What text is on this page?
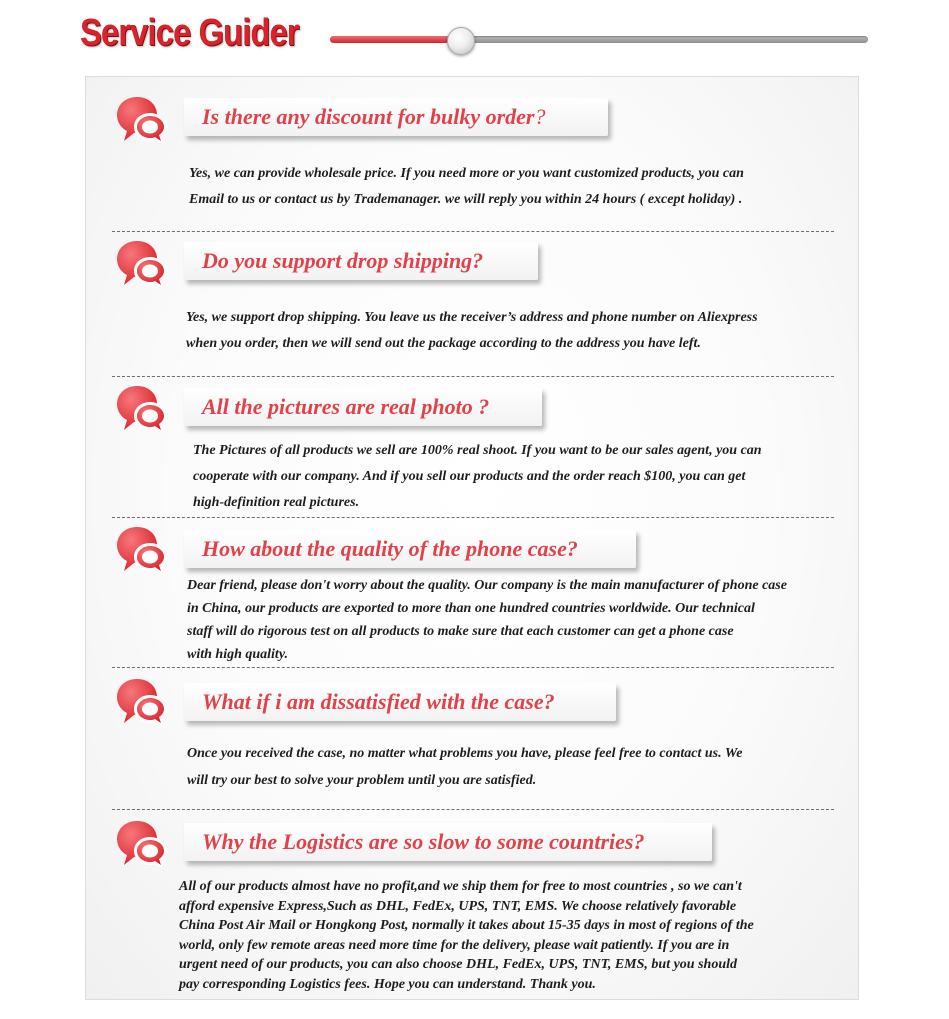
Service Guider
Is there any discount for bulky order?
Yes, we can provide wholesale price. If you need more or you want customized products, you can
Email to us or contact us by Trademanager. we will reply you within 24 hours ( except holiday) .
Do you support drop shipping?
Yes, we support drop shipping. You leave us the receiver’s address and phone number on Aliexpress
when you order, then we will send out the package according to the address you have left.
All the pictures are real photo ?
The Pictures of all products we sell are 100% real shoot. If you want to be our sales agent, you can
cooperate with our company. And if you sell our products and the order reach $100, you can get
high-definition real pictures.
How about the quality of the phone case?
Dear friend, please don't worry about the quality. Our company is the main manufacturer of phone case
in China, our products are exported to more than one hundred countries worldwide. Our technical
staff will do rigorous test on all products to make sure that each customer can get a phone case
with high quality.
What if i am dissatisfied with the case?
Once you received the case, no matter what problems you have, please feel free to contact us. We
will try our best to solve your problem until you are satisfied.
Why the Logistics are so slow to some countries?
All of our products almost have no profit,and we ship them for free to most countries , so we can't
afford expensive Express,Such as DHL, FedEx, UPS, TNT, EMS. We choose relatively favorable
China Post Air Mail or Hongkong Post, normally it takes about 15-35 days in most of regions of the
world, only few remote areas need more time for the delivery, please wait patiently. If you are in
urgent need of our products, you can also choose DHL, FedEx, UPS, TNT, EMS, but you should
pay corresponding Logistics fees. Hope you can understand. Thank you.
